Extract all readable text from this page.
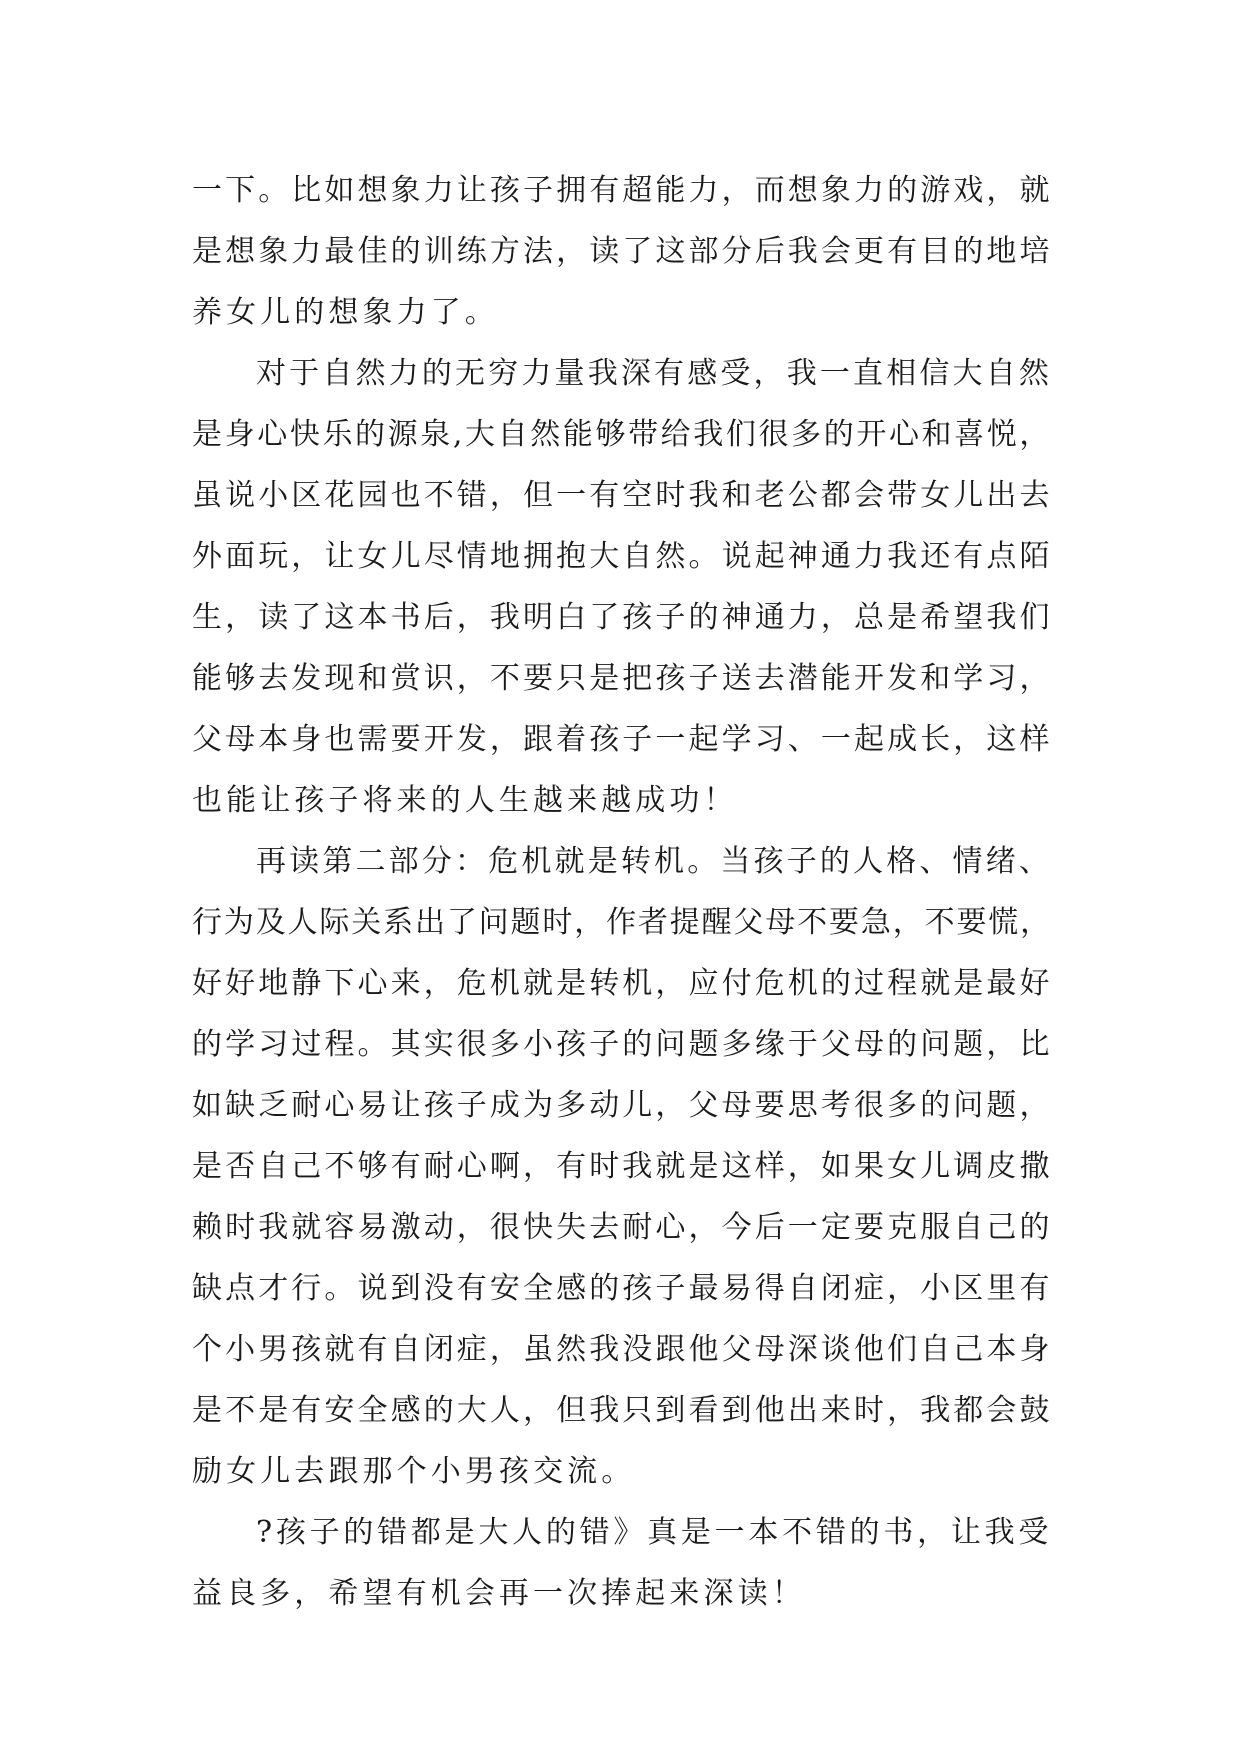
一下。比如想象力让孩子拥有超能力，而想象力的游戏，就
是想象力最佳的训练方法，读了这部分后我会更有目的地培
养女儿的想象力了。
对于自然力的无穷力量我深有感受，我一直相信大自然
是身心快乐的源泉,大自然能够带给我们很多的开心和喜悦，
虽说小区花园也不错，但一有空时我和老公都会带女儿出去
外面玩，让女儿尽情地拥抱大自然。说起神通力我还有点陌
生，读了这本书后，我明白了孩子的神通力，总是希望我们
能够去发现和赏识，不要只是把孩子送去潜能开发和学习，
父母本身也需要开发，跟着孩子一起学习、一起成长，这样
也能让孩子将来的人生越来越成功！
再读第二部分：危机就是转机。当孩子的人格、情绪、
行为及人际关系出了问题时，作者提醒父母不要急，不要慌，
好好地静下心来，危机就是转机，应付危机的过程就是最好
的学习过程。其实很多小孩子的问题多缘于父母的问题，比
如缺乏耐心易让孩子成为多动儿，父母要思考很多的问题，
是否自己不够有耐心啊，有时我就是这样，如果女儿调皮撒
赖时我就容易激动，很快失去耐心，今后一定要克服自己的
缺点才行。说到没有安全感的孩子最易得自闭症，小区里有
个小男孩就有自闭症，虽然我没跟他父母深谈他们自己本身
是不是有安全感的大人，但我只到看到他出来时，我都会鼓
励女儿去跟那个小男孩交流。
?孩子的错都是大人的错》真是一本不错的书，让我受
益良多，希望有机会再一次捧起来深读！
